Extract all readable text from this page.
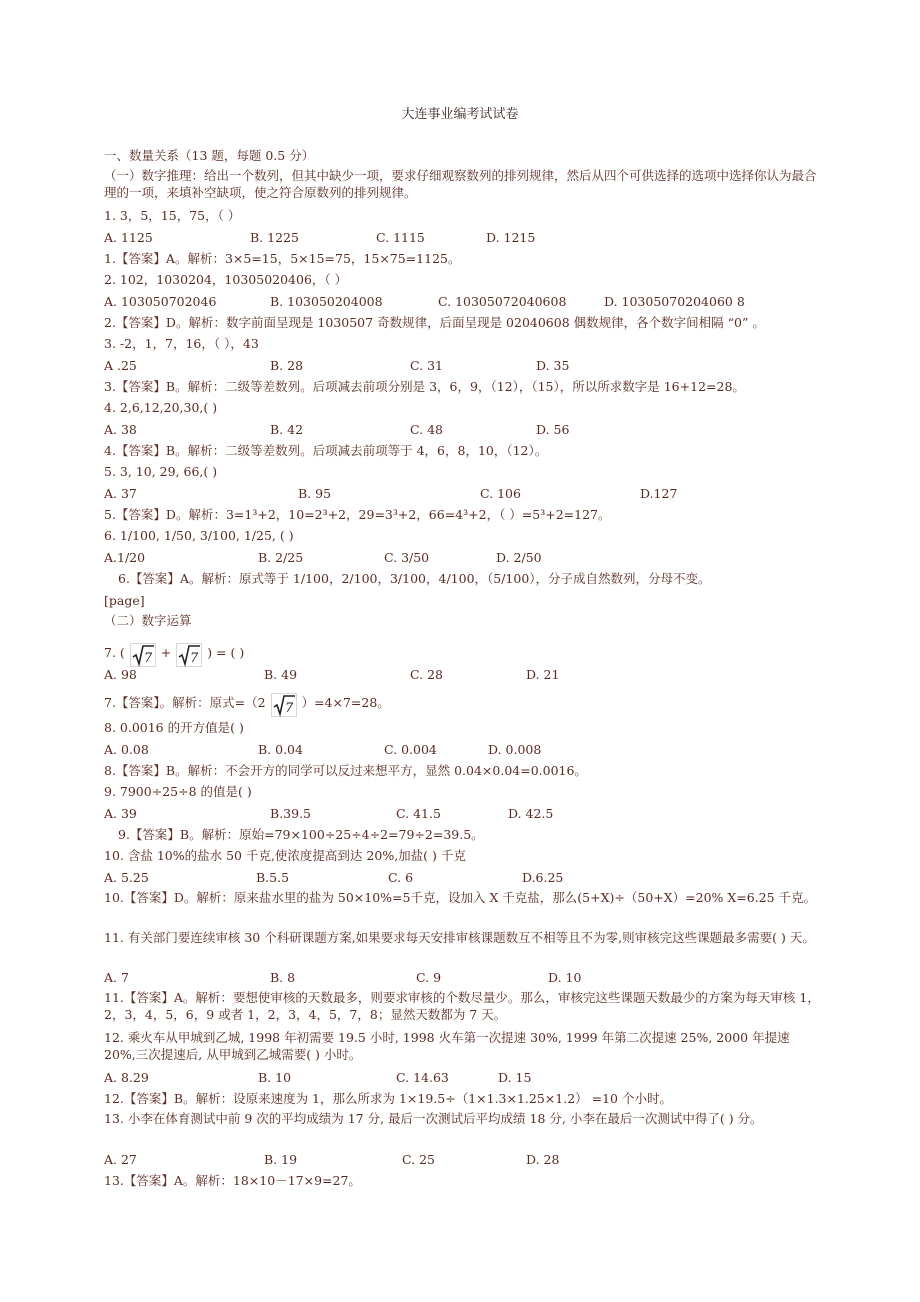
大连事业编考试试卷
一、数量关系（13 题，每题 0.5 分）
（一）数字推理：给出一个数列，但其中缺少一项，要求仔细观察数列的排列规律，然后从四个可供选择的选项中选择你认为最合理的一项，来填补空缺项，使之符合原数列的排列规律。
1. 3，5，15，75，（ ）
A. 1125	B. 1225	C. 1115	D. 1215
1.【答案】A。解析：3×5=15，5×15=75，15×75=1125。
2. 102，1030204，10305020406，（ ）
A. 103050702046	B. 103050204008	C. 10305072040608	D. 10305070204060 8
2.【答案】D。解析：数字前面呈现是 1030507 奇数规律，后面呈现是 02040608 偶数规律，各个数字间相隔 “0” 。
3. -2，1，7，16，（ ），43
A .25	B. 28	C. 31	D. 35
3.【答案】B。解析：二级等差数列。后项减去前项分别是 3，6，9，（12），（15），所以所求数字是 16+12=28。
4. 2,6,12,20,30,( )
A. 38	B. 42	C. 48	D. 56
4.【答案】B。解析：二级等差数列。后项减去前项等于 4，6，8，10，（12）。
5. 3, 10, 29, 66,( )
A. 37	B. 95	C. 106	D.127
5.【答案】D。解析：3=1³+2，10=2³+2，29=3³+2，66=4³+2，（ ）=5³+2=127。
6. 1/100, 1/50, 3/100, 1/25, ( )
A.1/20	B. 2/25	C. 3/50	D. 2/50
6.【答案】A。解析：原式等于 1/100，2/100，3/100，4/100，（5/100），分子成自然数列，分母不变。
[page]
（二）数字运算
7. ( 7 + 7 ) = ( )
A. 98	B. 49	C. 28	D. 21
7.【答案】。解析：原式=（2 7 ）=4×7=28。
8. 0.0016 的开方值是( )
A. 0.08	B. 0.04	C. 0.004	D. 0.008
8.【答案】B。解析：不会开方的同学可以反过来想平方，显然 0.04×0.04=0.0016。
9. 7900÷25÷8 的值是( )
A. 39	B.39.5	C. 41.5	D. 42.5
9.【答案】B。解析：原始=79×100÷25÷4÷2=79÷2=39.5。
10. 含盐 10%的盐水 50 千克,使浓度提高到达 20%,加盐( ) 千克
A. 5.25	B.5.5	C. 6	D.6.25
10.【答案】D。解析：原来盐水里的盐为 50×10%=5千克，设加入 X 千克盐，那么(5+X)÷（50+X）=20% X=6.25 千克。
11. 有关部门要连续审核 30 个科研课题方案,如果要求每天安排审核课题数互不相等且不为零,则审核完这些课题最多需要( ) 天。
A. 7	B. 8	C. 9	D. 10
11.【答案】A。解析：要想使审核的天数最多，则要求审核的个数尽量少。那么，审核完这些课题天数最少的方案为每天审核 1，2，3，4，5，6，9 或者 1，2，3，4，5，7，8；显然天数都为 7 天。
12. 乘火车从甲城到乙城, 1998 年初需要 19.5 小时, 1998 火车第一次提速 30%, 1999 年第二次提速 25%, 2000 年提速 20%,三次提速后, 从甲城到乙城需要( ) 小时。
A. 8.29	B. 10	C. 14.63	D. 15
12.【答案】B。解析：设原来速度为 1，那么所求为 1×19.5÷（1×1.3×1.25×1.2） =10 个小时。
13. 小李在体育测试中前 9 次的平均成绩为 17 分, 最后一次测试后平均成绩 18 分, 小李在最后一次测试中得了( ) 分。
A. 27	B. 19	C. 25	D. 28
13.【答案】A。解析：18×10－17×9=27。
